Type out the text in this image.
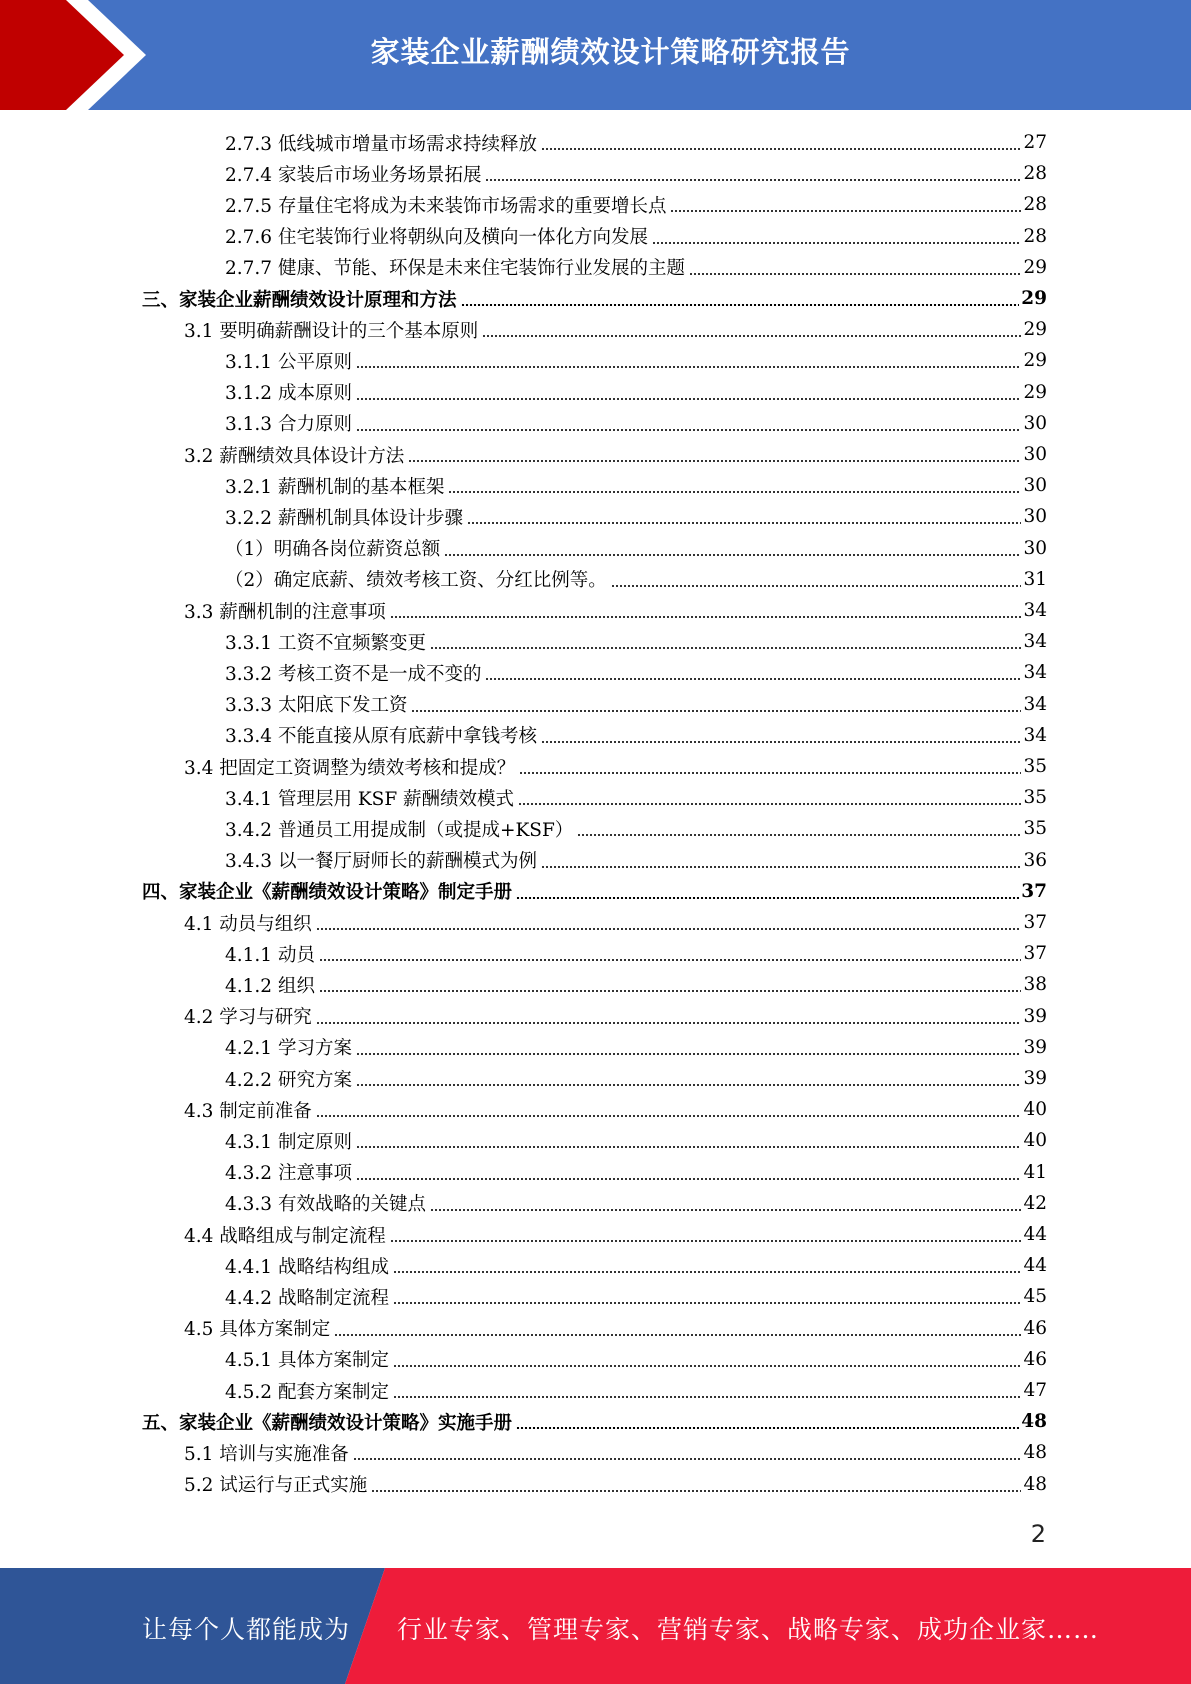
家装企业薪酬绩效设计策略研究报告
2.7.3 低线城市增量市场需求持续释放	27
2.7.4 家装后市场业务场景拓展	28
2.7.5 存量住宅将成为未来装饰市场需求的重要增长点	28
2.7.6 住宅装饰行业将朝纵向及横向一体化方向发展	28
2.7.7 健康、节能、环保是未来住宅装饰行业发展的主题	29
三、家装企业薪酬绩效设计原理和方法	29
3.1 要明确薪酬设计的三个基本原则	29
3.1.1 公平原则	29
3.1.2 成本原则	29
3.1.3 合力原则	30
3.2 薪酬绩效具体设计方法	30
3.2.1 薪酬机制的基本框架	30
3.2.2 薪酬机制具体设计步骤	30
（1）明确各岗位薪资总额	30
（2）确定底薪、绩效考核工资、分红比例等。	31
3.3 薪酬机制的注意事项	34
3.3.1 工资不宜频繁变更	34
3.3.2 考核工资不是一成不变的	34
3.3.3 太阳底下发工资	34
3.3.4 不能直接从原有底薪中拿钱考核	34
3.4 把固定工资调整为绩效考核和提成？	35
3.4.1 管理层用 KSF 薪酬绩效模式	35
3.4.2 普通员工用提成制（或提成+KSF）	35
3.4.3 以一餐厅厨师长的薪酬模式为例	36
四、家装企业《薪酬绩效设计策略》制定手册	37
4.1 动员与组织	37
4.1.1 动员	37
4.1.2 组织	38
4.2 学习与研究	39
4.2.1 学习方案	39
4.2.2 研究方案	39
4.3 制定前准备	40
4.3.1 制定原则	40
4.3.2 注意事项	41
4.3.3 有效战略的关键点	42
4.4 战略组成与制定流程	44
4.4.1 战略结构组成	44
4.4.2 战略制定流程	45
4.5 具体方案制定	46
4.5.1 具体方案制定	46
4.5.2 配套方案制定	47
五、家装企业《薪酬绩效设计策略》实施手册	48
5.1 培训与实施准备	48
5.2 试运行与正式实施	48
2
让每个人都能成为 行业专家、管理专家、营销专家、战略专家、成功企业家……
